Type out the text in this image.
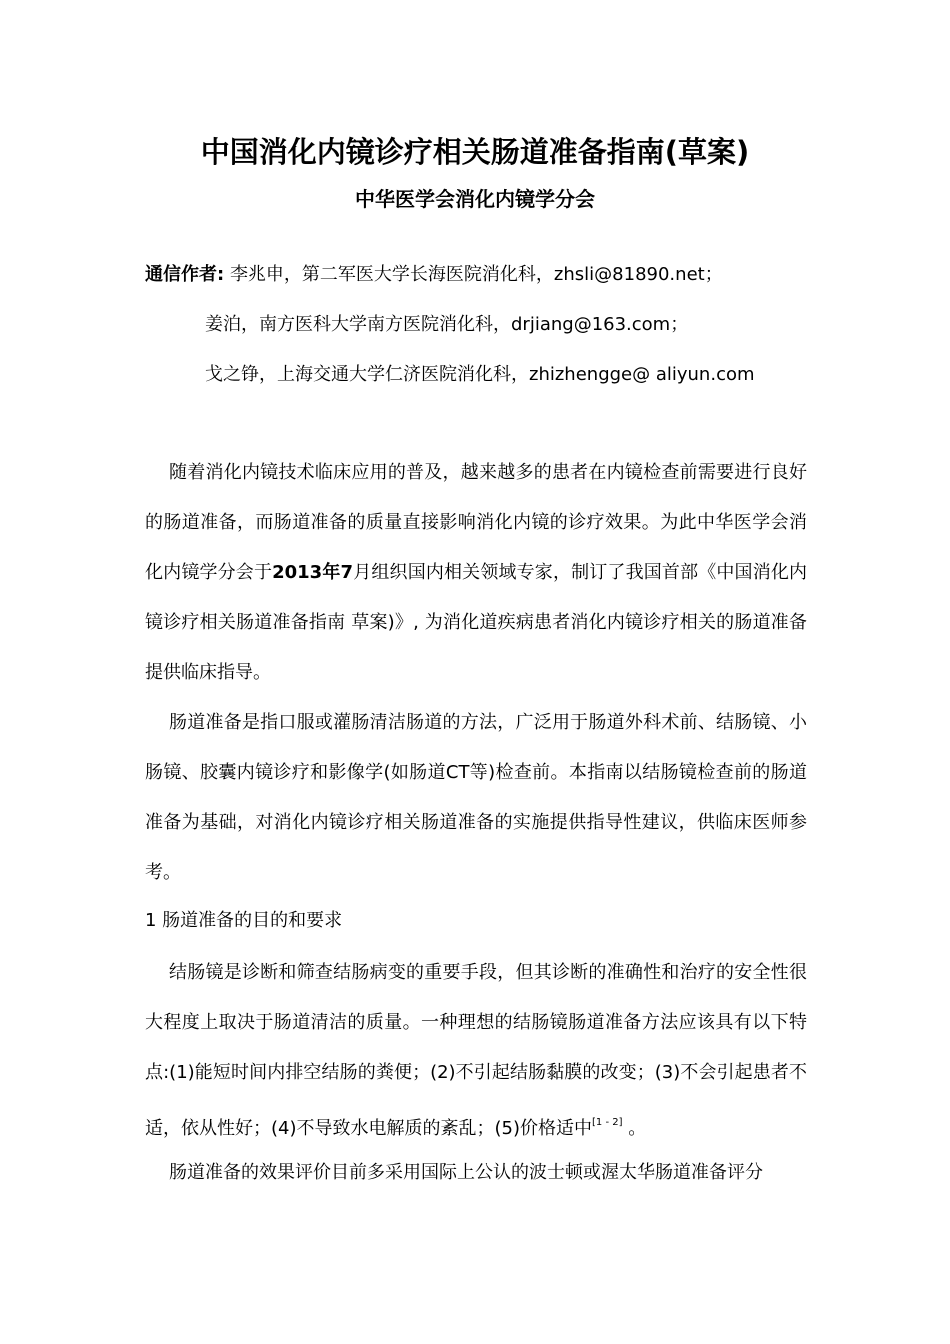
中国消化内镜诊疗相关肠道准备指南(草案)
中华医学会消化内镜学分会
通信作者: 李兆申，第二军医大学长海医院消化科，zhsli@81890.net；
姜泊，南方医科大学南方医院消化科，drjiang@163.com；
戈之铮，上海交通大学仁济医院消化科，zhizhengge@ aliyun.com
随着消化内镜技术临床应用的普及，越来越多的患者在内镜检查前需要进行良好的肠道准备，而肠道准备的质量直接影响消化内镜的诊疗效果。为此中华医学会消化内镜学分会于2013年7月组织国内相关领域专家，制订了我国首部《中国消化内镜诊疗相关肠道准备指南 草案)》, 为消化道疾病患者消化内镜诊疗相关的肠道准备提供临床指导。
肠道准备是指口服或灌肠清洁肠道的方法，广泛用于肠道外科术前、结肠镜、小肠镜、胶囊内镜诊疗和影像学(如肠道CT等)检查前。本指南以结肠镜检查前的肠道准备为基础，对消化内镜诊疗相关肠道准备的实施提供指导性建议，供临床医师参考。
1 肠道准备的目的和要求
结肠镜是诊断和筛查结肠病变的重要手段，但其诊断的准确性和治疗的安全性很大程度上取决于肠道清洁的质量。一种理想的结肠镜肠道准备方法应该具有以下特点:(1)能短时间内排空结肠的粪便；(2)不引起结肠黏膜的改变；(3)不会引起患者不适，依从性好；(4)不导致水电解质的紊乱；(5)价格适中[1 - 2] 。
肠道准备的效果评价目前多采用国际上公认的波士顿或渥太华肠道准备评分
